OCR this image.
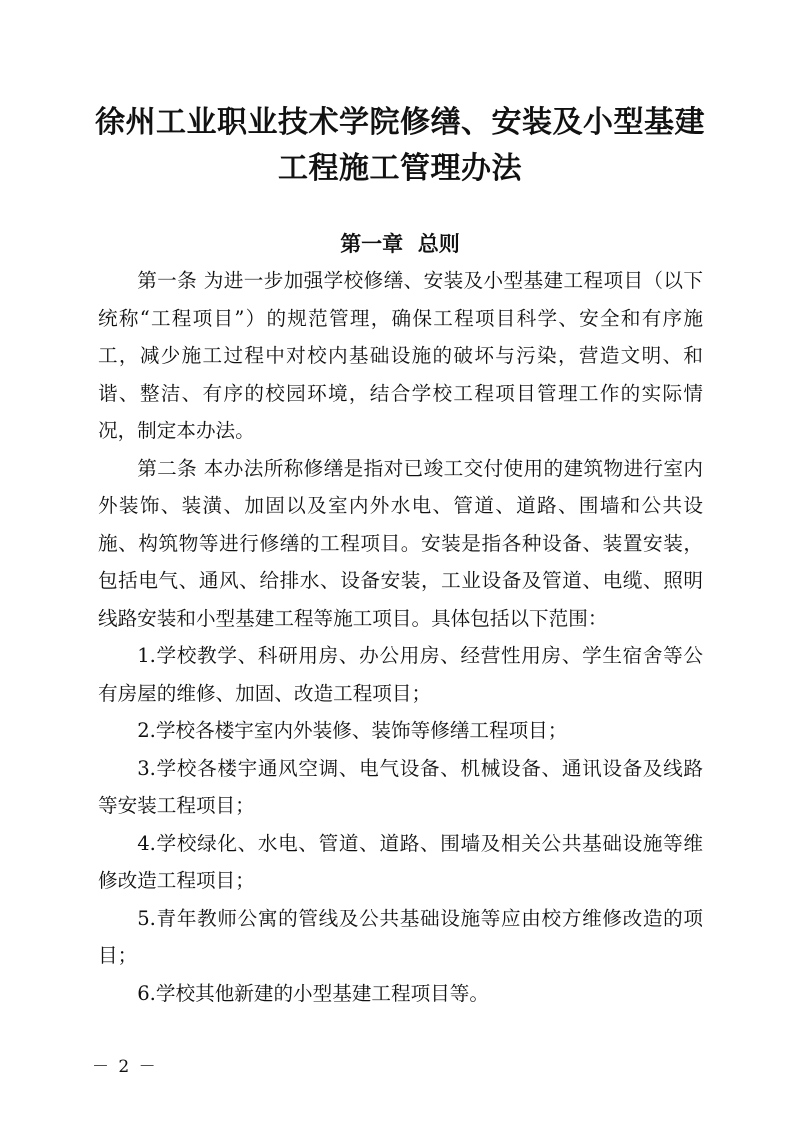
徐州工业职业技术学院修缮、安装及小型基建
工程施工管理办法
第一章  总则

第一条 为进一步加强学校修缮、安装及小型基建工程项目（以下统称“工程项目”）的规范管理，确保工程项目科学、安全和有序施工，减少施工过程中对校内基础设施的破坏与污染，营造文明、和谐、整洁、有序的校园环境，结合学校工程项目管理工作的实际情况，制定本办法。

第二条 本办法所称修缮是指对已竣工交付使用的建筑物进行室内外装饰、装潢、加固以及室内外水电、管道、道路、围墙和公共设施、构筑物等进行修缮的工程项目。安装是指各种设备、装置安装，包括电气、通风、给排水、设备安装，工业设备及管道、电缆、照明线路安装和小型基建工程等施工项目。具体包括以下范围：

1.学校教学、科研用房、办公用房、经营性用房、学生宿舍等公有房屋的维修、加固、改造工程项目；

2.学校各楼宇室内外装修、装饰等修缮工程项目；

3.学校各楼宇通风空调、电气设备、机械设备、通讯设备及线路等安装工程项目；

4.学校绿化、水电、管道、道路、围墙及相关公共基础设施等维修改造工程项目；

5.青年教师公寓的管线及公共基础设施等应由校方维修改造的项目；

6.学校其他新建的小型基建工程项目等。

－ 2 －
